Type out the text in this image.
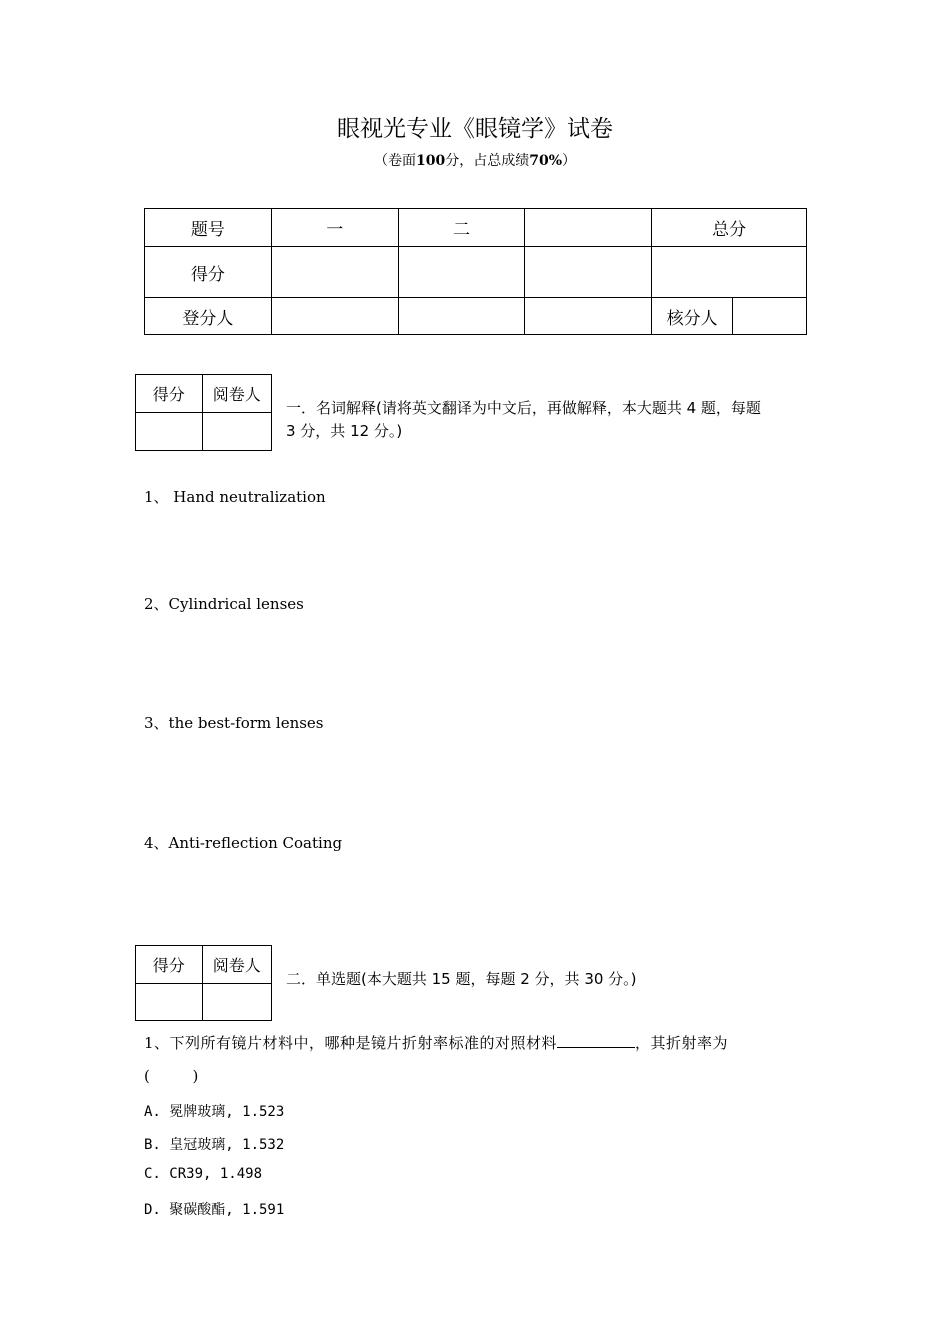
眼视光专业《眼镜学》试卷
（卷面100分，占总成绩70%）
题号	一	二		总分	
得分					
登分人				核分人	
得分	阅卷人

一．名词解释(请将英文翻译为中文后，再做解释，本大题共 4 题，每题
3 分，共 12 分。)
1、 Hand neutralization
2、Cylindrical lenses
3、the best-form lenses
4、Anti-reflection Coating
得分	阅卷人

二．单选题(本大题共 15 题，每题 2 分，共 30 分。)
1、下列所有镜片材料中，哪种是镜片折射率标准的对照材料	，其折射率为
(        )
A. 冕牌玻璃, 1.523
B. 皇冠玻璃, 1.532
C. CR39, 1.498
D. 聚碳酸酯, 1.591
